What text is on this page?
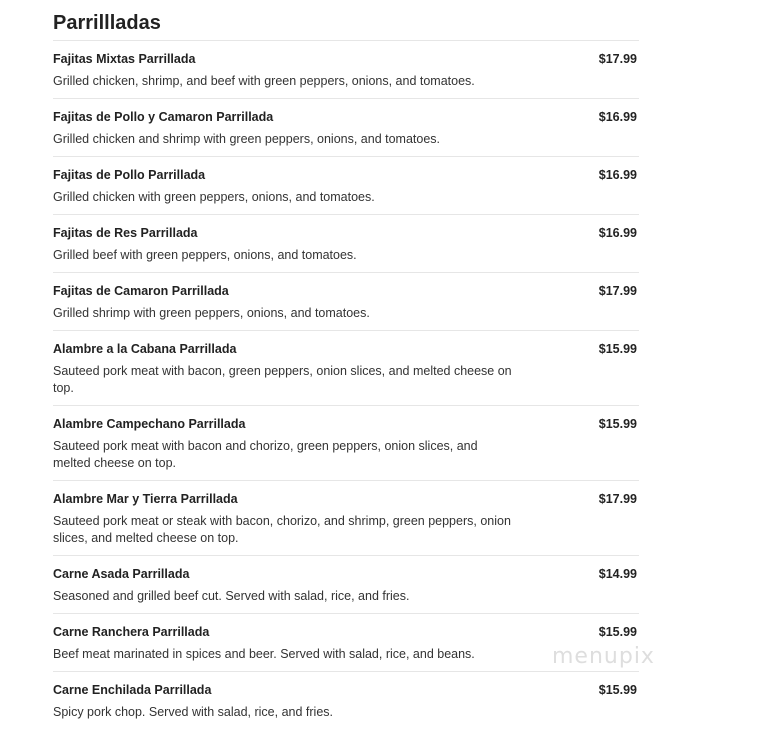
Parrillladas
Fajitas Mixtas Parrillada	$17.99
Grilled chicken, shrimp, and beef with green peppers, onions, and tomatoes.
Fajitas de Pollo y Camaron Parrillada	$16.99
Grilled chicken and shrimp with green peppers, onions, and tomatoes.
Fajitas de Pollo Parrillada	$16.99
Grilled chicken with green peppers, onions, and tomatoes.
Fajitas de Res Parrillada	$16.99
Grilled beef with green peppers, onions, and tomatoes.
Fajitas de Camaron Parrillada	$17.99
Grilled shrimp with green peppers, onions, and tomatoes.
Alambre a la Cabana Parrillada	$15.99
Sauteed pork meat with bacon, green peppers, onion slices, and melted cheese on top.
Alambre Campechano Parrillada	$15.99
Sauteed pork meat with bacon and chorizo, green peppers, onion slices, and melted cheese on top.
Alambre Mar y Tierra Parrillada	$17.99
Sauteed pork meat or steak with bacon, chorizo, and shrimp, green peppers, onion slices, and melted cheese on top.
Carne Asada Parrillada	$14.99
Seasoned and grilled beef cut. Served with salad, rice, and fries.
Carne Ranchera Parrillada	$15.99
Beef meat marinated in spices and beer. Served with salad, rice, and beans.
Carne Enchilada Parrillada	$15.99
Spicy pork chop. Served with salad, rice, and fries.
menupix
